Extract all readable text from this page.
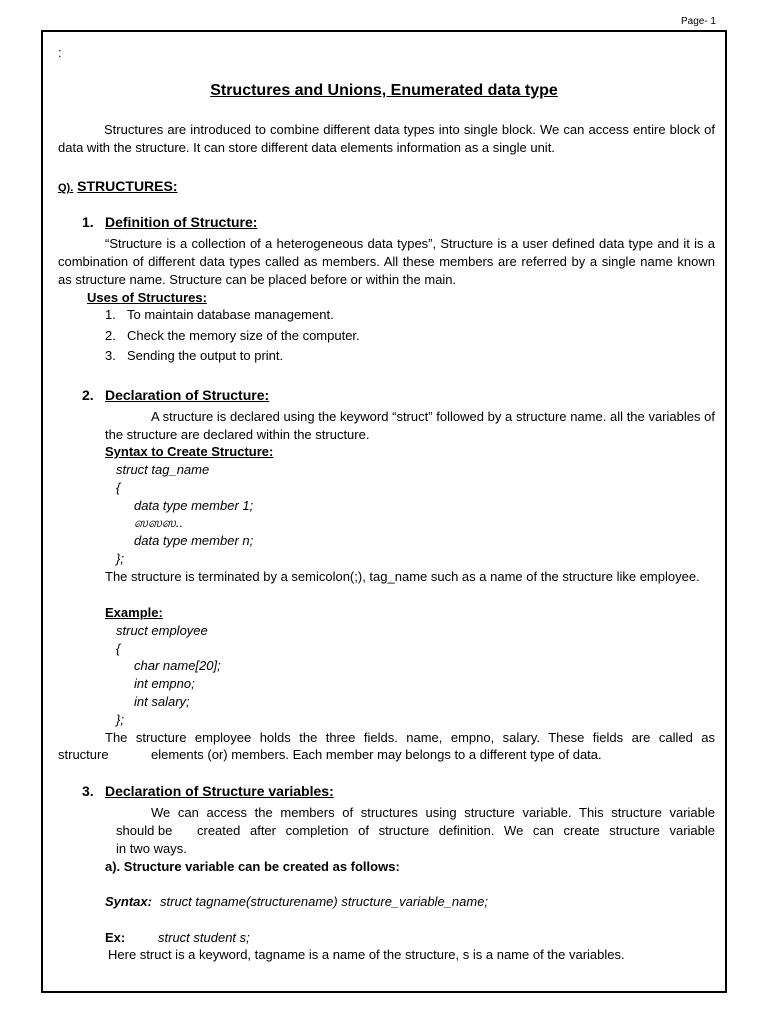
Page- 1
:
Structures and Unions, Enumerated data type
Structures are introduced to combine different data types into single block. We can access entire block of data with the structure. It can store different data elements information as a single unit.
Q). STRUCTURES:
1. Definition of Structure:
“Structure is a collection of a heterogeneous data types”, Structure is a user defined data type and it is a combination of different data types called as members. All these members are referred by a single name known as structure name. Structure can be placed before or within the main.
Uses of Structures:
1. To maintain database management.
2. Check the memory size of the computer.
3. Sending the output to print.
2. Declaration of Structure:
A structure is declared using the keyword “struct” followed by a structure name. all the variables of the structure are declared within the structure.
Syntax to Create Structure:
struct tag_name
{
data type member 1;
ஸஸஸ..
data type member n;
};
The structure is terminated by a semicolon(;), tag_name such as a name of the structure like employee.
Example:
struct employee
{
char name[20];
int empno;
int salary;
};
The structure employee holds the three fields. name, empno, salary. These fields are called as
structure	elements (or) members. Each member may belongs to a different type of data.
3. Declaration of Structure variables:
We can access the members of structures using structure variable. This structure variable
should be created after completion of structure definition. We can create structure variable
in two ways.
a). Structure variable can be created as follows:
Syntax: struct tagname(structurename) structure_variable_name;
Ex:	struct student s;
Here struct is a keyword, tagname is a name of the structure, s is a name of the variables.
